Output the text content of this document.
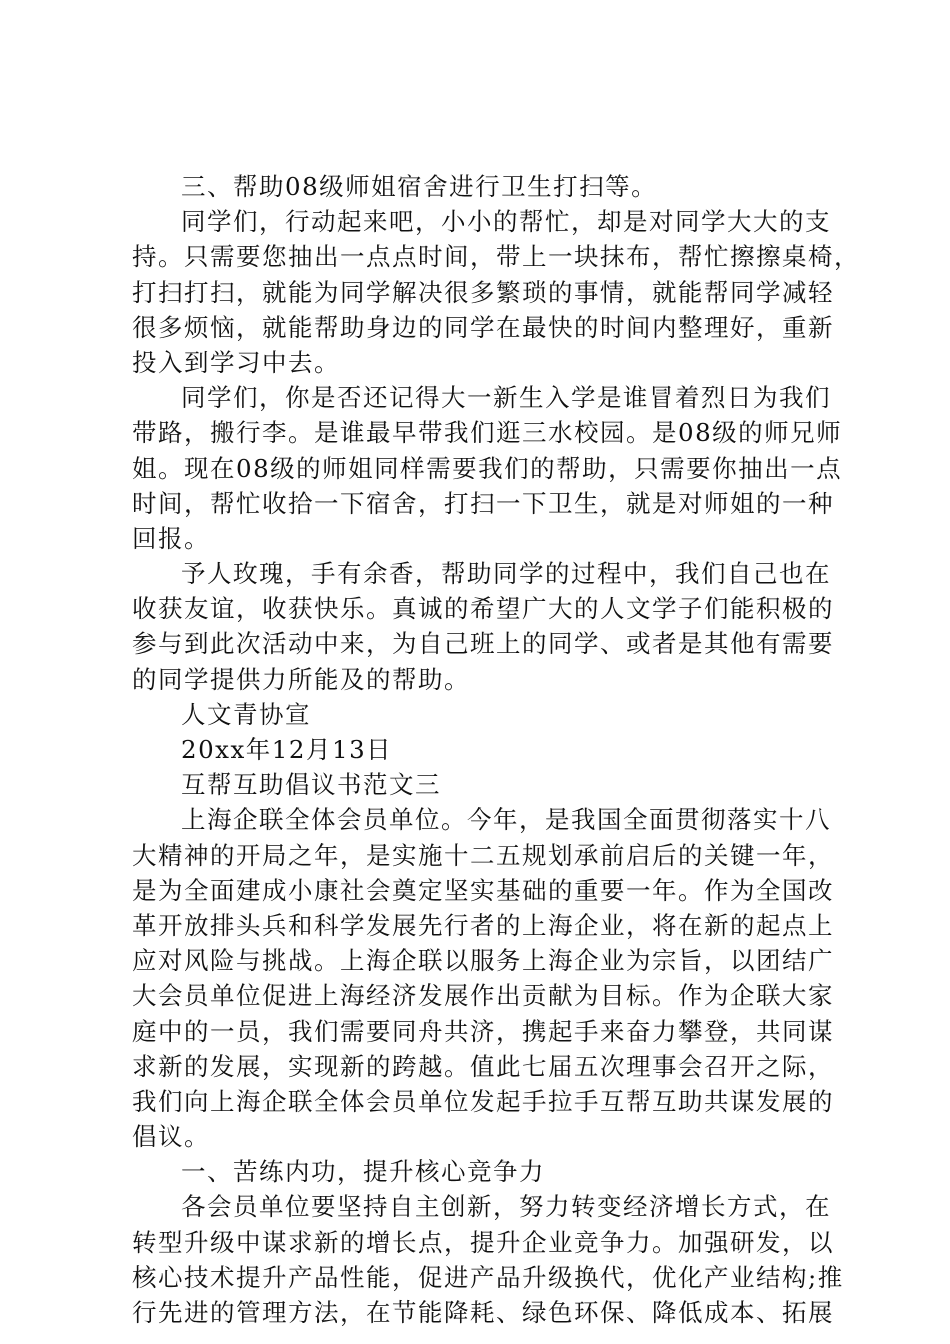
三、帮助08级师姐宿舍进行卫生打扫等。
同学们，行动起来吧，小小的帮忙，却是对同学大大的支
持。只需要您抽出一点点时间，带上一块抹布，帮忙擦擦桌椅，
打扫打扫，就能为同学解决很多繁琐的事情，就能帮同学减轻
很多烦恼，就能帮助身边的同学在最快的时间内整理好，重新
投入到学习中去。
同学们，你是否还记得大一新生入学是谁冒着烈日为我们
带路，搬行李。是谁最早带我们逛三水校园。是08级的师兄师
姐。现在08级的师姐同样需要我们的帮助，只需要你抽出一点
时间，帮忙收拾一下宿舍，打扫一下卫生，就是对师姐的一种
回报。
予人玫瑰，手有余香，帮助同学的过程中，我们自己也在
收获友谊，收获快乐。真诚的希望广大的人文学子们能积极的
参与到此次活动中来，为自己班上的同学、或者是其他有需要
的同学提供力所能及的帮助。
人文青协宣
20xx年12月13日
互帮互助倡议书范文三
上海企联全体会员单位。今年，是我国全面贯彻落实十八
大精神的开局之年，是实施十二五规划承前启后的关键一年，
是为全面建成小康社会奠定坚实基础的重要一年。作为全国改
革开放排头兵和科学发展先行者的上海企业，将在新的起点上
应对风险与挑战。上海企联以服务上海企业为宗旨，以团结广
大会员单位促进上海经济发展作出贡献为目标。作为企联大家
庭中的一员，我们需要同舟共济，携起手来奋力攀登，共同谋
求新的发展，实现新的跨越。值此七届五次理事会召开之际，
我们向上海企联全体会员单位发起手拉手互帮互助共谋发展的
倡议。
一、苦练内功，提升核心竞争力
各会员单位要坚持自主创新，努力转变经济增长方式，在
转型升级中谋求新的增长点，提升企业竞争力。加强研发，以
核心技术提升产品性能，促进产品升级换代，优化产业结构;推
行先进的管理方法，在节能降耗、绿色环保、降低成本、拓展
